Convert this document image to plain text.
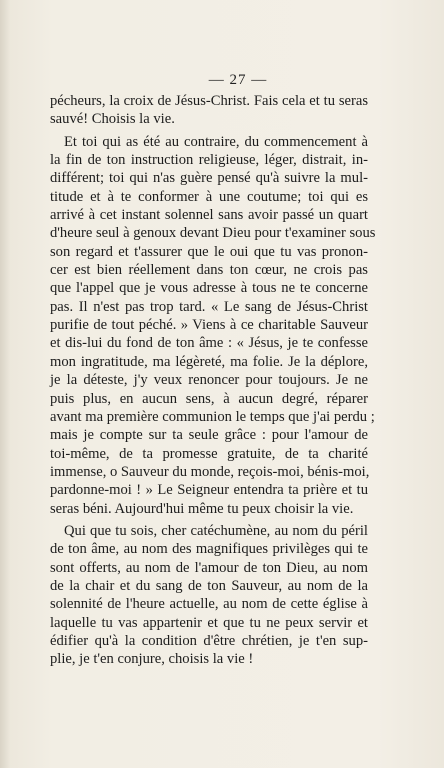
— 27 —
pécheurs, la croix de Jésus-Christ. Fais cela et tu seras
sauvé! Choisis la vie.
Et toi qui as été au contraire, du commencement à
la fin de ton instruction religieuse, léger, distrait, in-
différent; toi qui n'as guère pensé qu'à suivre la mul-
titude et à te conformer à une coutume; toi qui es
arrivé à cet instant solennel sans avoir passé un quart
d'heure seul à genoux devant Dieu pour t'examiner sous
son regard et t'assurer que le oui que tu vas pronon-
cer est bien réellement dans ton cœur, ne crois pas
que l'appel que je vous adresse à tous ne te concerne
pas. Il n'est pas trop tard. « Le sang de Jésus-Christ
purifie de tout péché. » Viens à ce charitable Sauveur
et dis-lui du fond de ton âme : « Jésus, je te confesse
mon ingratitude, ma légèreté, ma folie. Je la déplore,
je la déteste, j'y veux renoncer pour toujours. Je ne
puis plus, en aucun sens, à aucun degré, réparer
avant ma première communion le temps que j'ai perdu ;
mais je compte sur ta seule grâce : pour l'amour de
toi-même, de ta promesse gratuite, de ta charité
immense, o Sauveur du monde, reçois-moi, bénis-moi,
pardonne-moi ! » Le Seigneur entendra ta prière et tu
seras béni. Aujourd'hui même tu peux choisir la vie.
Qui que tu sois, cher catéchumène, au nom du péril
de ton âme, au nom des magnifiques privilèges qui te
sont offerts, au nom de l'amour de ton Dieu, au nom
de la chair et du sang de ton Sauveur, au nom de la
solennité de l'heure actuelle, au nom de cette église à
laquelle tu vas appartenir et que tu ne peux servir et
édifier qu'à la condition d'être chrétien, je t'en sup-
plie, je t'en conjure, choisis la vie !
